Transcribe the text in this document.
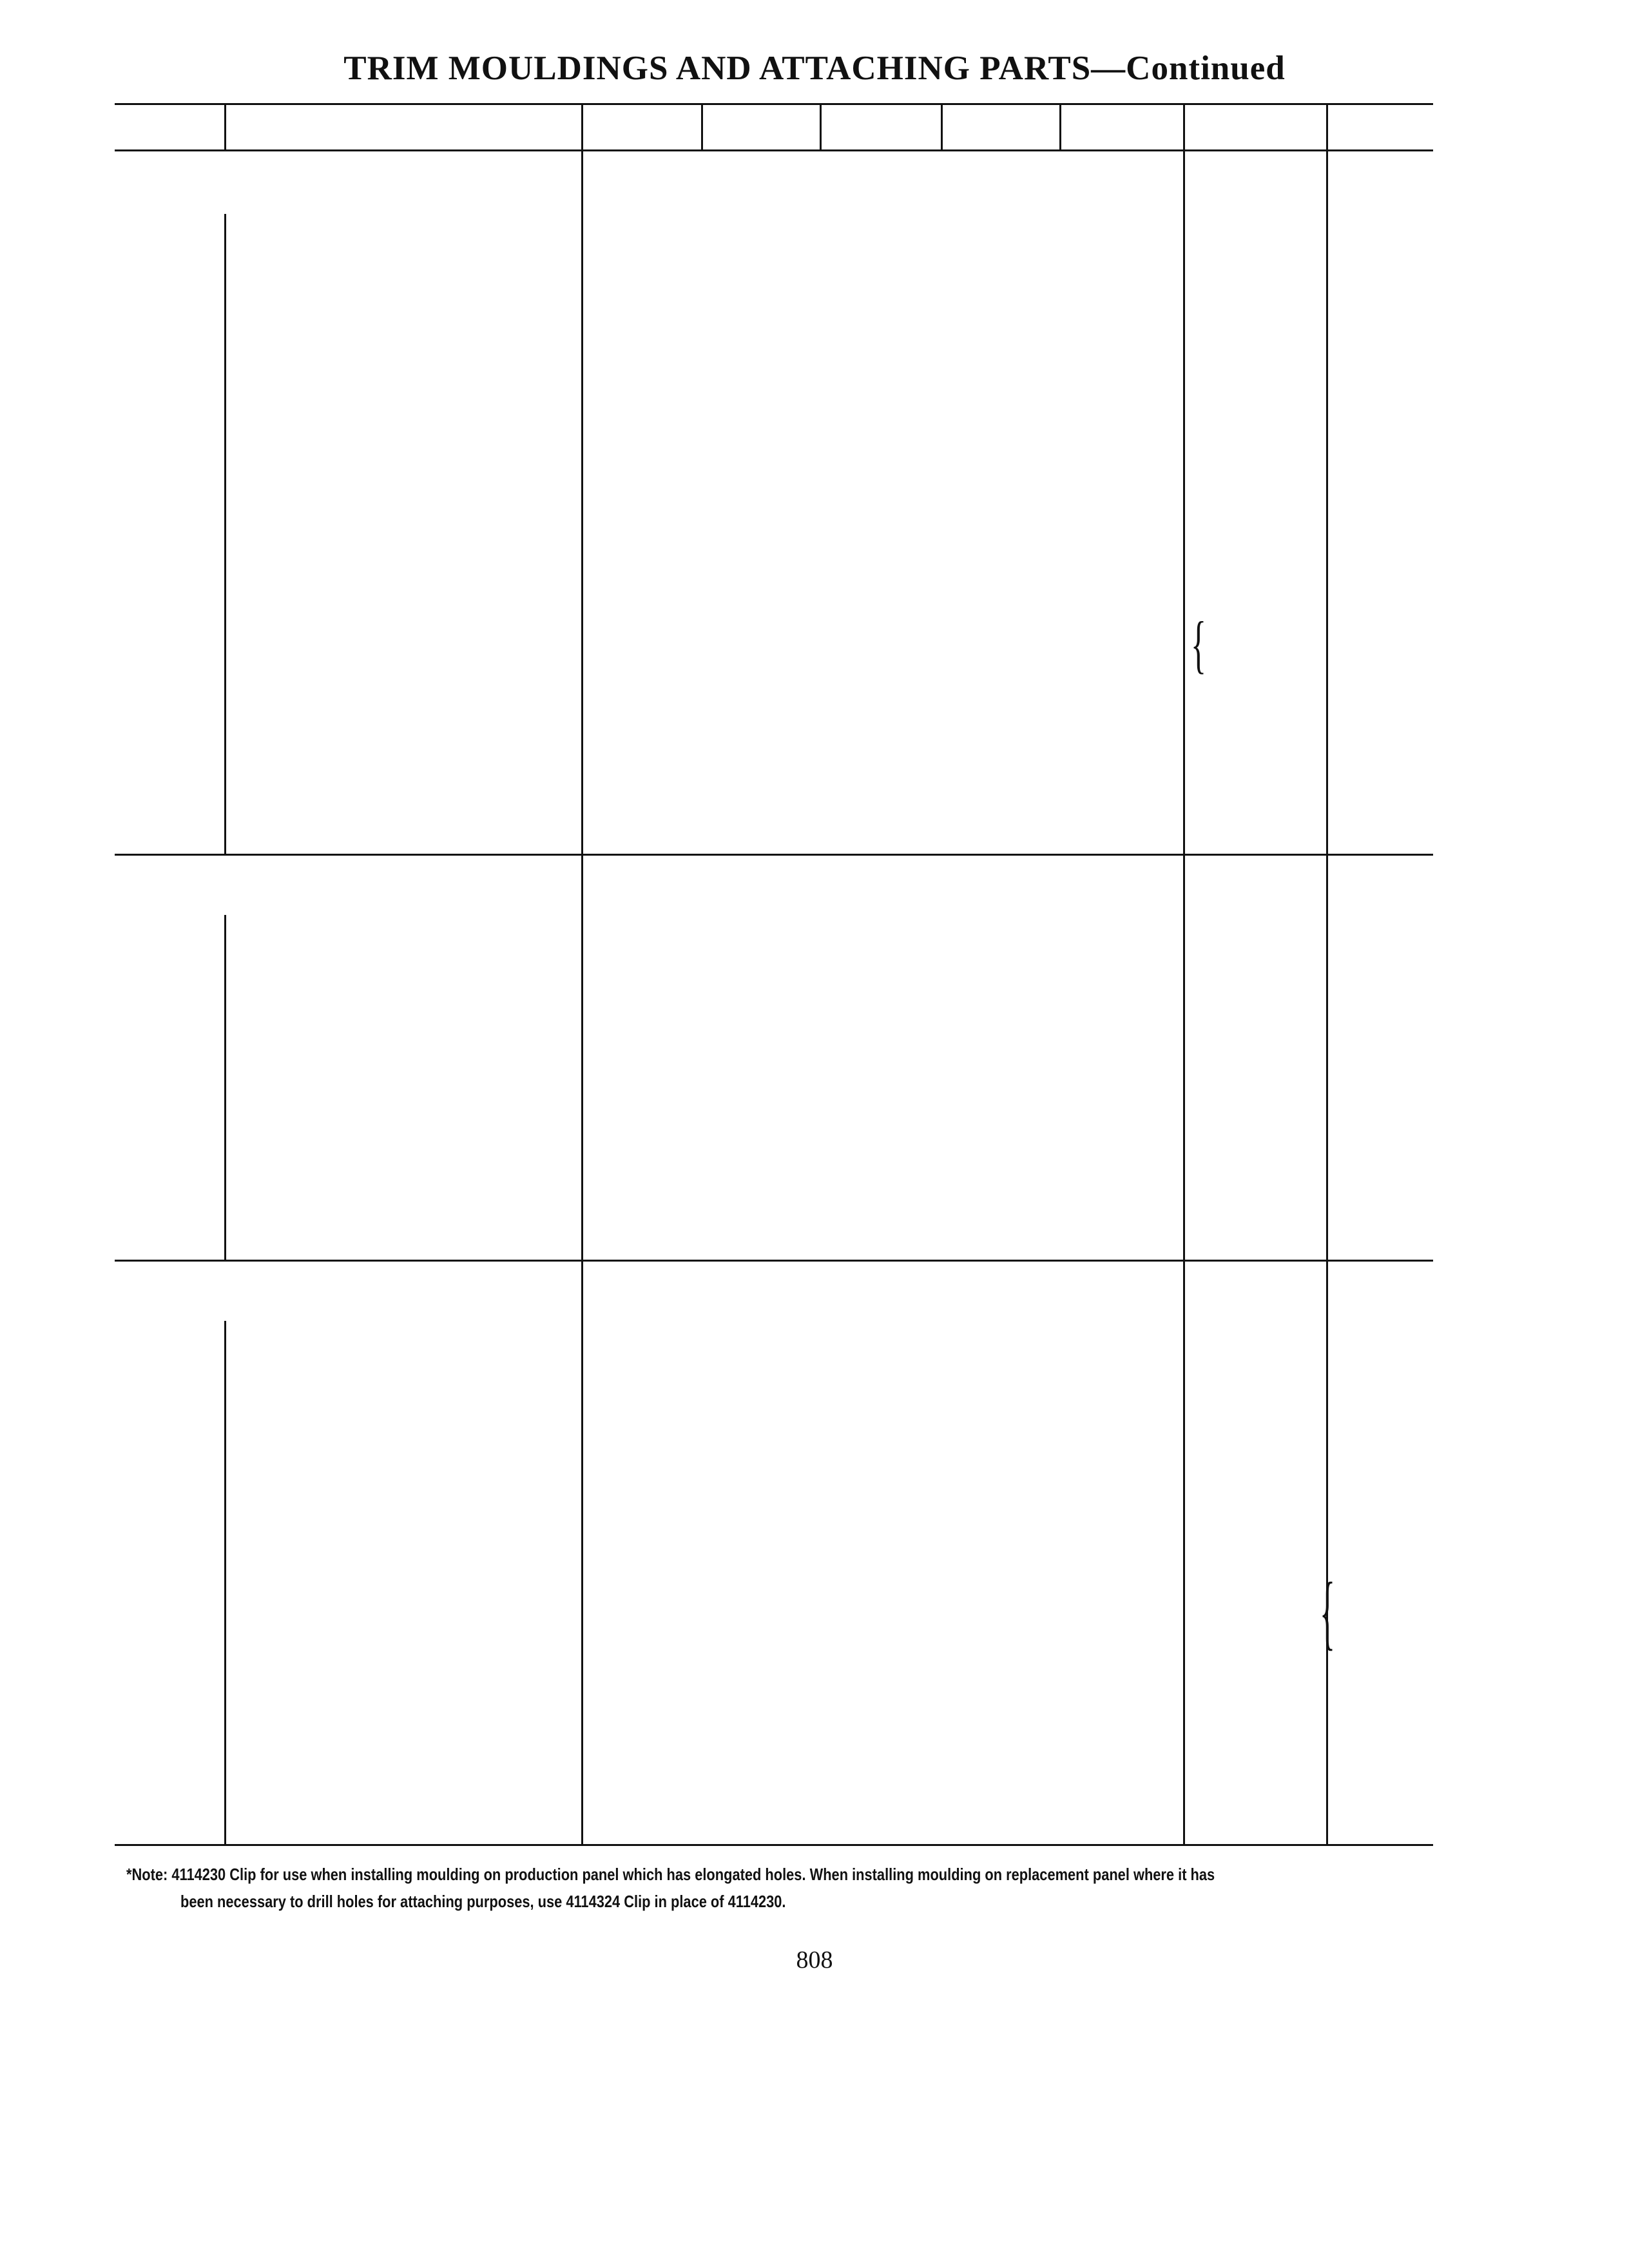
TRIM MOULDINGS AND ATTACHING PARTS—Continued
{
{
*Note: 4114230 Clip for use when installing moulding on production panel which has elongated holes. When installing moulding on replacement panel where it has
been necessary to drill holes for attaching purposes, use 4114324 Clip in place of 4114230.
808
